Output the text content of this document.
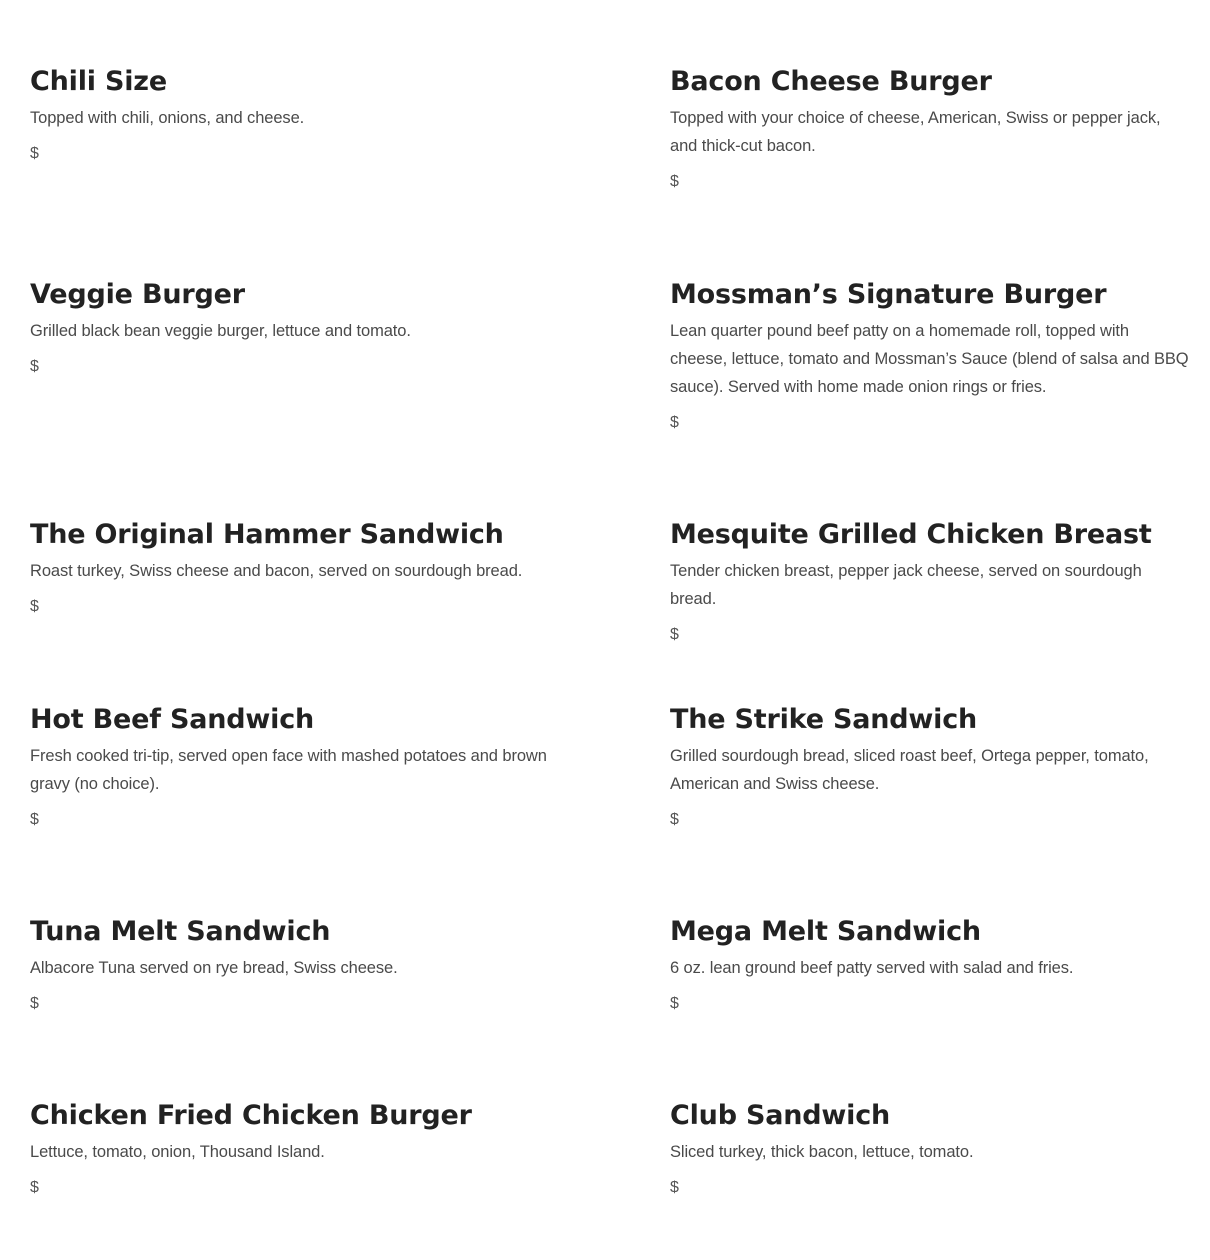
Chili Size

Topped with chili, onions, and cheese.

$

Bacon Cheese Burger

Topped with your choice of cheese, American, Swiss or pepper jack, and thick-cut bacon.

$

Veggie Burger

Grilled black bean veggie burger, lettuce and tomato.

$

Mossman’s Signature Burger

Lean quarter pound beef patty on a homemade roll, topped with cheese, lettuce, tomato and Mossman’s Sauce (blend of salsa and BBQ sauce). Served with home made onion rings or fries.

$

The Original Hammer Sandwich

Roast turkey, Swiss cheese and bacon, served on sourdough bread.

$

Mesquite Grilled Chicken Breast

Tender chicken breast, pepper jack cheese, served on sourdough bread.

$

Hot Beef Sandwich

Fresh cooked tri-tip, served open face with mashed potatoes and brown gravy (no choice).

$

The Strike Sandwich

Grilled sourdough bread, sliced roast beef, Ortega pepper, tomato, American and Swiss cheese.

$

Tuna Melt Sandwich

Albacore Tuna served on rye bread, Swiss cheese.

$

Mega Melt Sandwich

6 oz. lean ground beef patty served with salad and fries.

$

Chicken Fried Chicken Burger

Lettuce, tomato, onion, Thousand Island.

$

Club Sandwich

Sliced turkey, thick bacon, lettuce, tomato.

$
